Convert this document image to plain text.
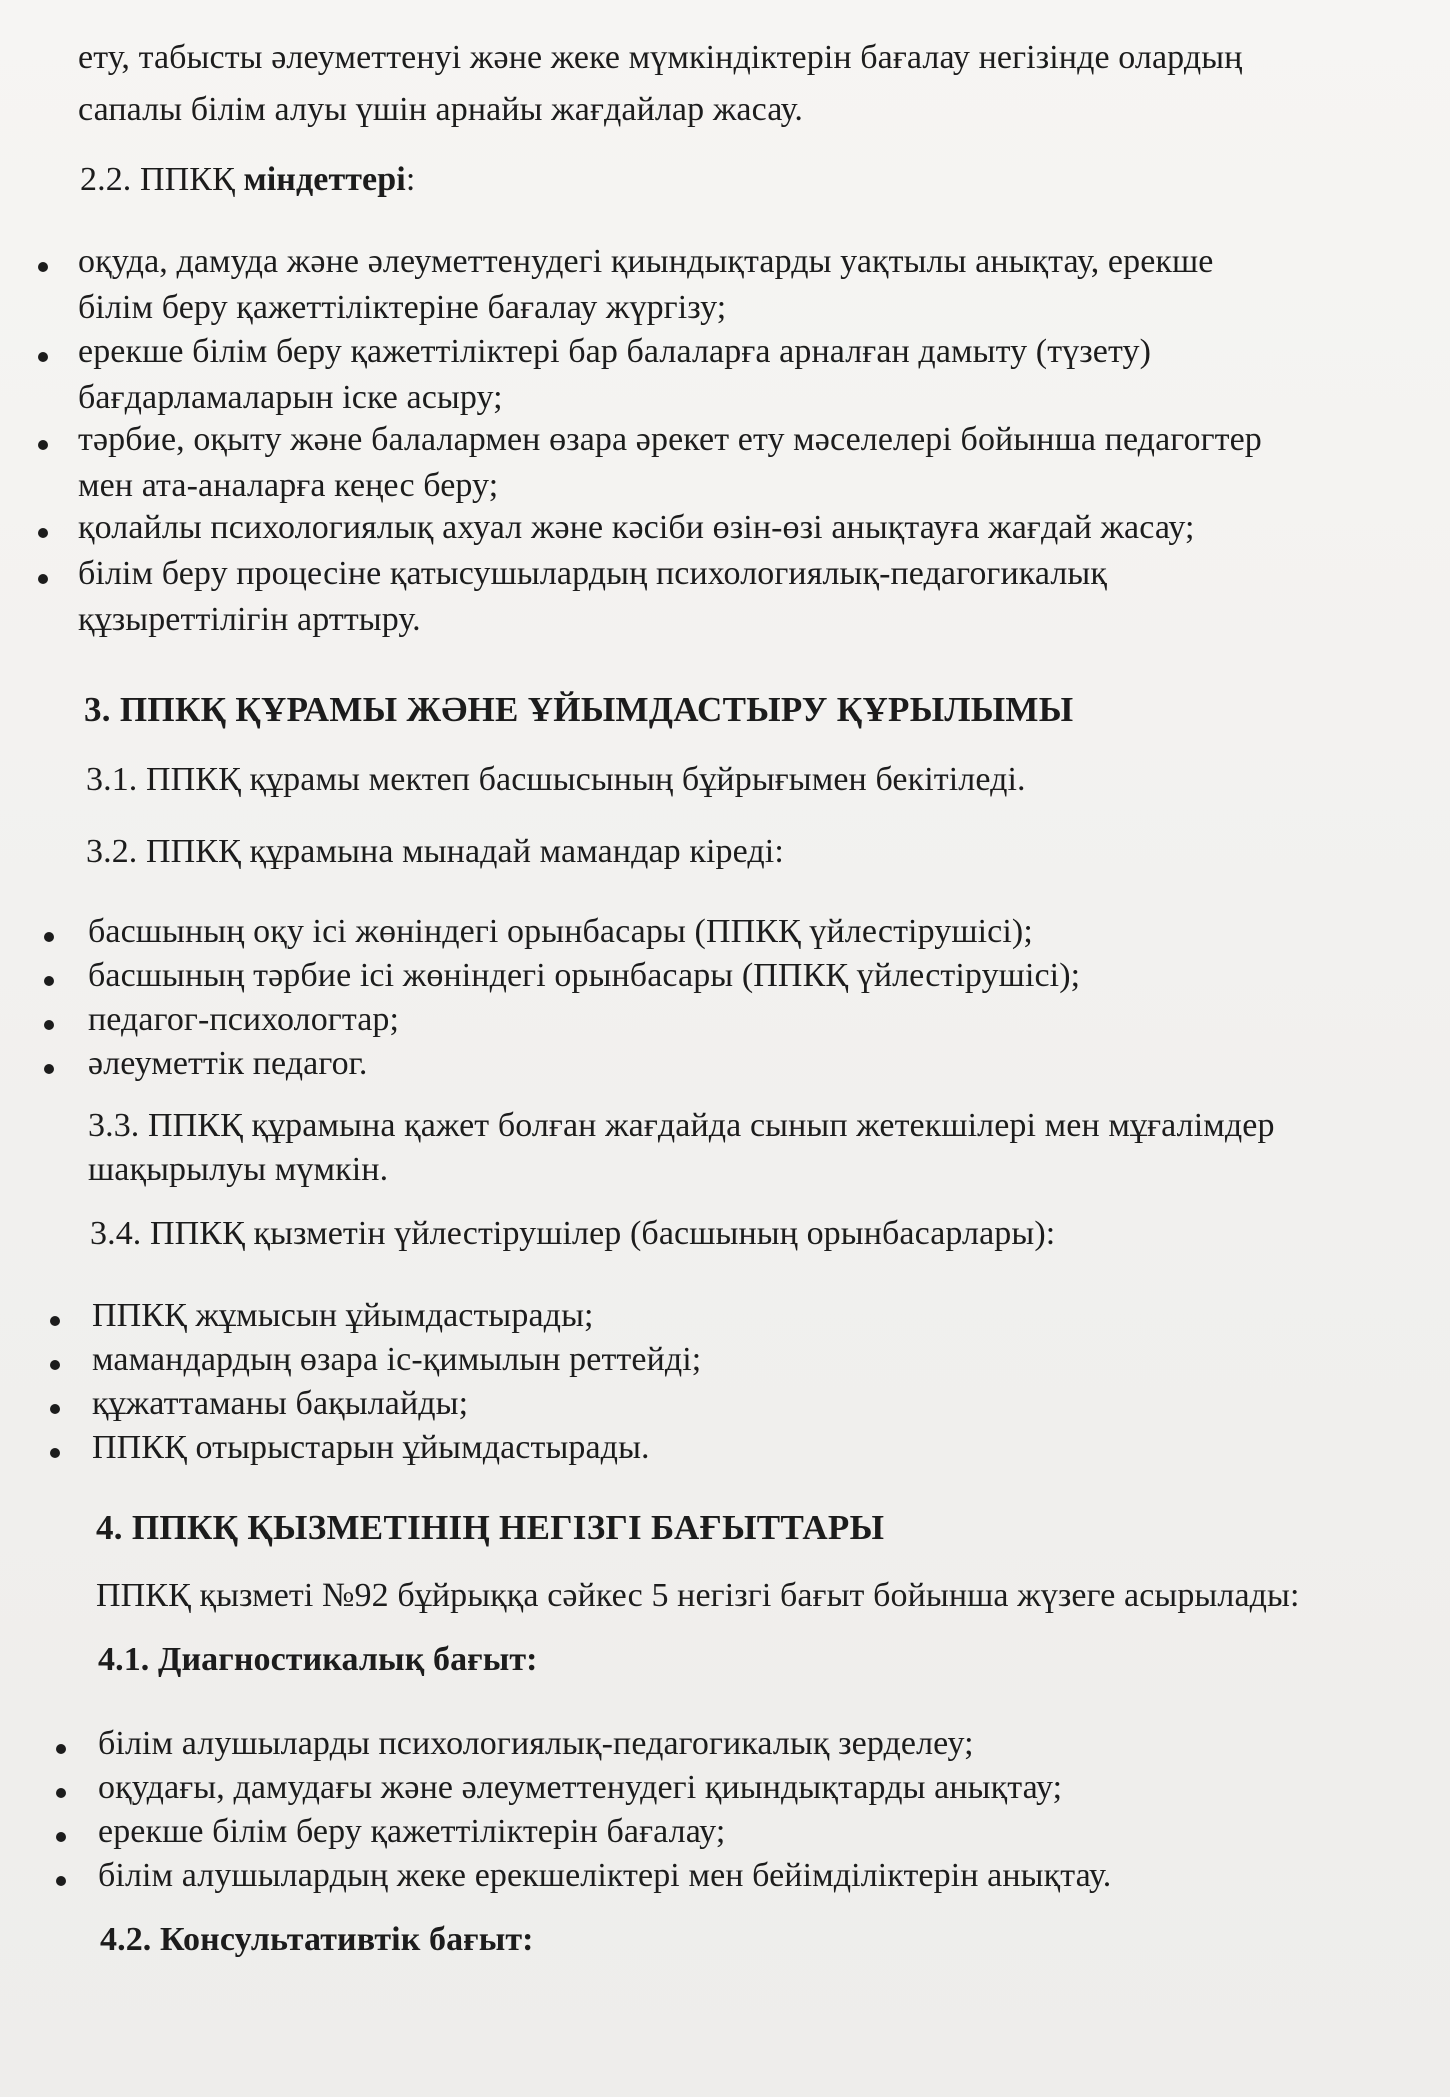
ету, табысты әлеуметтенуі және жеке мүмкіндіктерін бағалау негізінде олардың
сапалы білім алуы үшін арнайы жағдайлар жасау.
2.2. ППКҚ міндеттері:
оқуда, дамуда және әлеуметтенудегі қиындықтарды уақтылы анықтау, ерекше
білім беру қажеттіліктеріне бағалау жүргізу;
ерекше білім беру қажеттіліктері бар балаларға арналған дамыту (түзету)
бағдарламаларын іске асыру;
тәрбие, оқыту және балалармен өзара әрекет ету мәселелері бойынша педагогтер
мен ата-аналарға кеңес беру;
қолайлы психологиялық ахуал және кәсіби өзін-өзі анықтауға жағдай жасау;
білім беру процесіне қатысушылардың психологиялық-педагогикалық
құзыреттілігін арттыру.
3. ППКҚ ҚҰРАМЫ ЖӘНЕ ҰЙЫМДАСТЫРУ ҚҰРЫЛЫМЫ
3.1. ППКҚ құрамы мектеп басшысының бұйрығымен бекітіледі.
3.2. ППКҚ құрамына мынадай мамандар кіреді:
басшының оқу ісі жөніндегі орынбасары (ППКҚ үйлестірушісі);
басшының тәрбие ісі жөніндегі орынбасары (ППКҚ үйлестірушісі);
педагог-психологтар;
әлеуметтік педагог.
3.3. ППКҚ құрамына қажет болған жағдайда сынып жетекшілері мен мұғалімдер
шақырылуы мүмкін.
3.4. ППКҚ қызметін үйлестірушілер (басшының орынбасарлары):
ППКҚ жұмысын ұйымдастырады;
мамандардың өзара іс-қимылын реттейді;
құжаттаманы бақылайды;
ППКҚ отырыстарын ұйымдастырады.
4. ППКҚ ҚЫЗМЕТІНІҢ НЕГІЗГІ БАҒЫТТАРЫ
ППКҚ қызметі №92 бұйрыққа сәйкес 5 негізгі бағыт бойынша жүзеге асырылады:
4.1. Диагностикалық бағыт:
білім алушыларды психологиялық-педагогикалық зерделеу;
оқудағы, дамудағы және әлеуметтенудегі қиындықтарды анықтау;
ерекше білім беру қажеттіліктерін бағалау;
білім алушылардың жеке ерекшеліктері мен бейімділіктерін анықтау.
4.2. Консультативтік бағыт:
